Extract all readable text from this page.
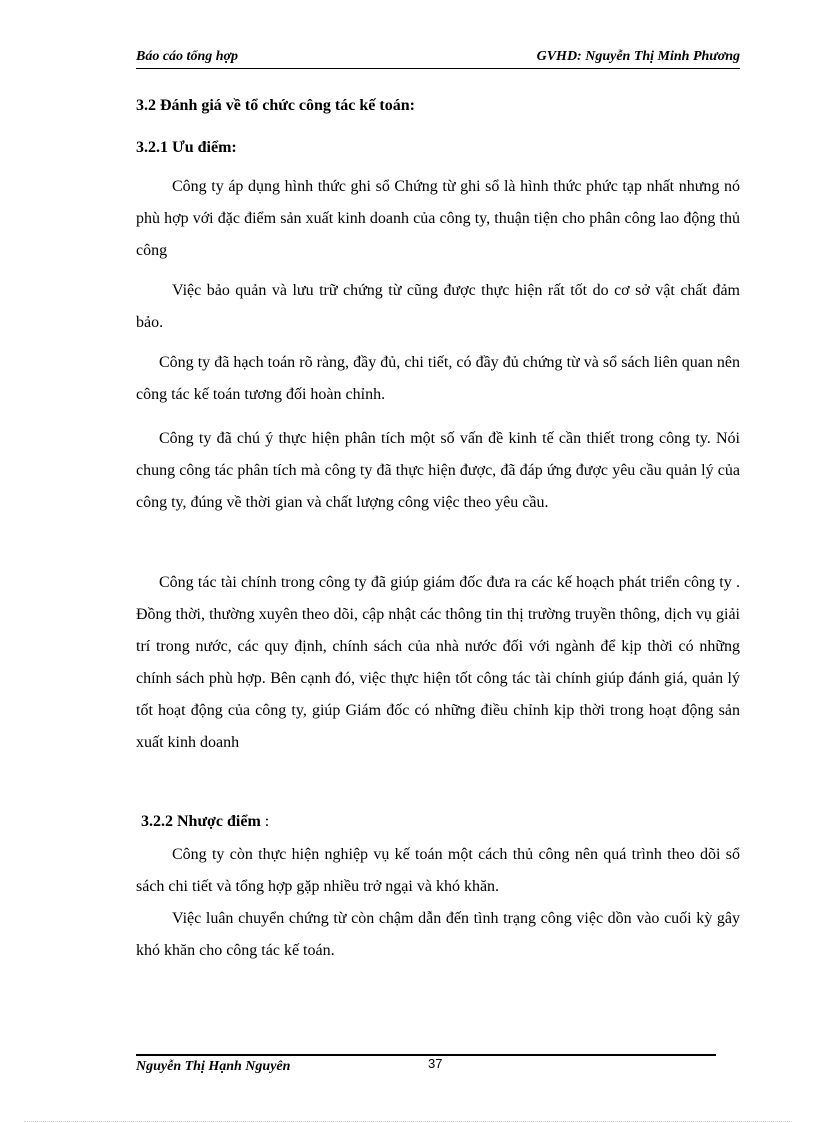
Báo cáo tổng hợp	GVHD: Nguyễn Thị Minh Phương
3.2 Đánh giá về tổ chức công tác kế toán:
3.2.1 Ưu điểm:

Công ty áp dụng hình thức ghi sổ Chứng từ ghi sổ là hình thức phức tạp nhất nhưng nó phù hợp với đặc điểm sản xuất kinh doanh của công ty, thuận tiện cho phân công lao động thủ công

Việc bảo quản và lưu trữ chứng từ cũng được thực hiện rất tốt do cơ sở vật chất đảm bảo.

Công ty đã hạch toán rõ ràng, đầy đủ, chi tiết, có đầy đủ chứng từ và sổ sách liên quan nên công tác kế toán tương đối hoàn chỉnh.

Công ty đã chú ý thực hiện phân tích một số vấn đề kinh tế cần thiết trong công ty. Nói chung công tác phân tích mà công ty đã thực hiện được, đã đáp ứng được yêu cầu quản lý của công ty, đúng về thời gian và chất lượng công việc theo yêu cầu.

Công tác tài chính trong công ty đã giúp giám đốc đưa ra các kế hoạch phát triển công ty . Đồng thời, thường xuyên theo dõi, cập nhật các thông tin thị trường truyền thông, dịch vụ giải trí trong nước, các quy định, chính sách của nhà nước đối với ngành để kịp thời có những chính sách phù hợp. Bên cạnh đó, việc thực hiện tốt công tác tài chính giúp đánh giá, quản lý tốt hoạt động của công ty, giúp Giám đốc có những điều chỉnh kịp thời trong hoạt động sản xuất kinh doanh

3.2.2 Nhược điểm :

Công ty còn thực hiện nghiệp vụ kế toán một cách thủ công nên quá trình theo dõi sổ sách chi tiết và tổng hợp gặp nhiều trở ngại và khó khăn.

Việc luân chuyển chứng từ còn chậm dẫn đến tình trạng công việc dồn vào cuối kỳ gây khó khăn cho công tác kế toán.

Nguyễn Thị Hạnh Nguyên	37
